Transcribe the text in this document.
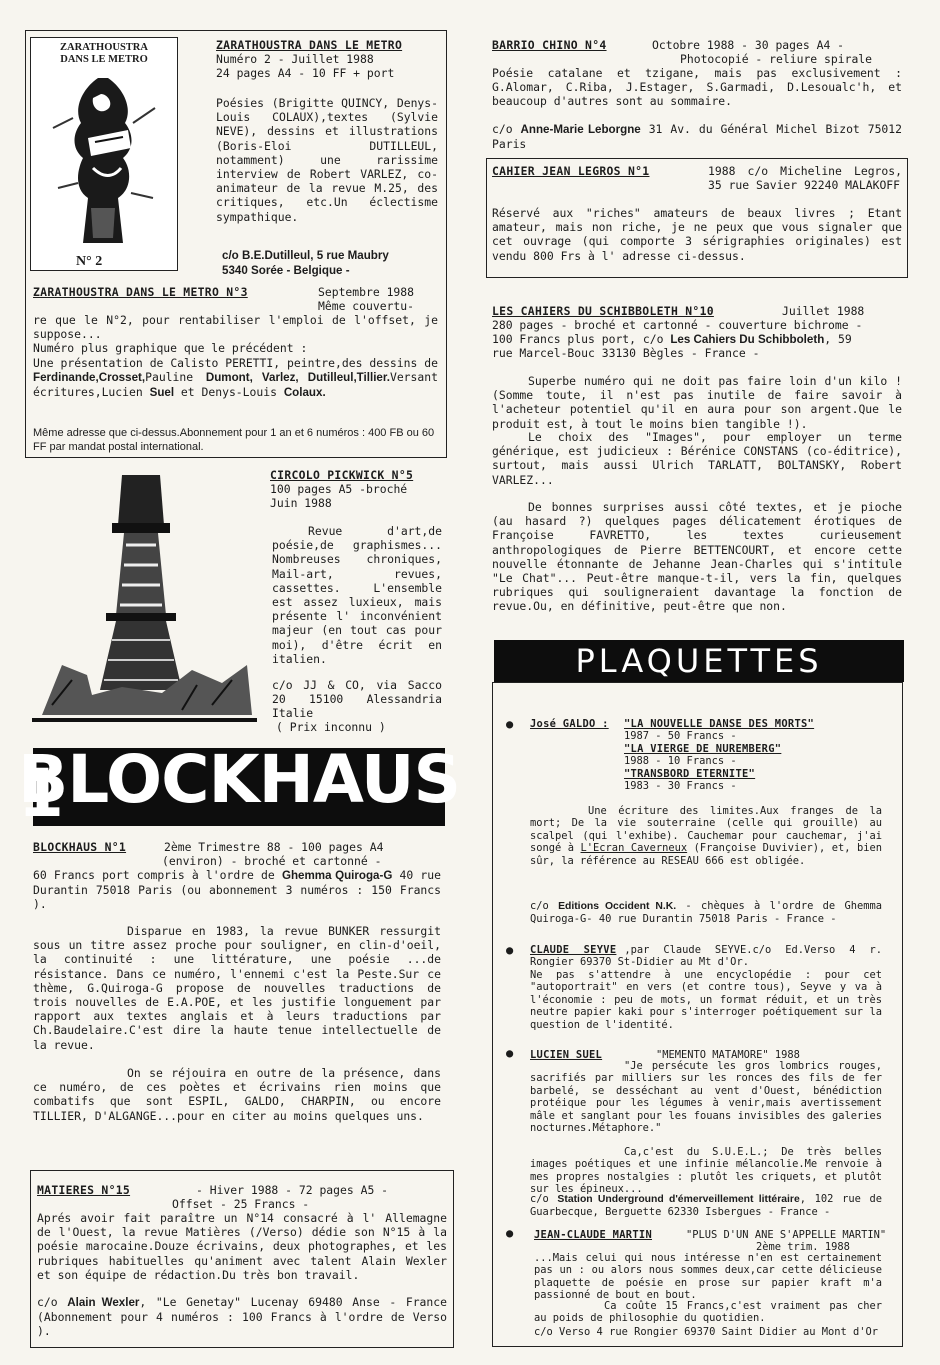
ZARATHOUSTRA
DANS LE METRO
N° 2
ZARATHOUSTRA DANS LE METRO
Numéro 2 - Juillet 1988
24 pages A4 - 10 FF + port
Poésies (Brigitte QUINCY, Denys-Louis COLAUX),textes (Sylvie NEVE), dessins et illustrations (Boris-Eloi DUTILLEUL, notamment) une rarissime interview de Robert VARLEZ, co-animateur de la revue M.25, des critiques, etc.Un éclectisme sympathique.
c/o B.E.Dutilleul, 5 rue Maubry
5340 Sorée - Belgique -
ZARATHOUSTRA DANS LE METRO N°3	Septembre 1988
Même couvertu-
re que le N°2, pour rentabiliser l'emploi de l'offset, je suppose...
Numéro plus graphique que le précédent :
Une présentation de Calisto PERETTI, peintre,des dessins de Ferdinande,Crosset,Pauline Dumont, Varlez, Dutilleul,Tillier.Versant écritures,Lucien Suel et Denys-Louis Colaux.
Même adresse que ci-dessus.Abonnement pour 1 an et 6 numéros : 400 FB ou 60 FF par mandat postal international.
BARRIO CHINO N°4	Octobre 1988 - 30 pages A4 -
Photocopié - reliure spirale
Poésie catalane et tzigane, mais pas exclusivement : G.Alomar, C.Riba, J.Estager, S.Garmadi, D.Lesoualc'h, et beaucoup d'autres sont au sommaire.
c/o Anne-Marie Leborgne 31 Av. du Général Michel Bizot 75012 Paris
CAHIER JEAN LEGROS N°1	1988 c/o Micheline Legros, 35 rue Savier 92240 MALAKOFF
Réservé aux "riches" amateurs de beaux livres ; Etant amateur, mais non riche, je ne peux que vous signaler que cet ouvrage (qui comporte 3 sérigraphies originales) est vendu 800 Frs à l' adresse ci-dessus.
LES CAHIERS DU SCHIBBOLETH N°10	Juillet 1988
280 pages - broché et cartonné - couverture bichrome -
100 Francs plus port, c/o Les Cahiers Du Schibboleth, 59
rue Marcel-Bouc 33130 Bègles - France -
Superbe numéro qui ne doit pas faire loin d'un kilo ! (Somme toute, il n'est pas inutile de faire savoir à l'acheteur potentiel qu'il en aura pour son argent.Que le produit est, à tout le moins bien tangible !).
Le choix des "Images", pour employer un terme générique, est judicieux : Bérénice CONSTANS (co-éditrice), surtout, mais aussi Ulrich TARLATT, BOLTANSKY, Robert VARLEZ...
De bonnes surprises aussi côté textes, et je pioche (au hasard ?) quelques pages délicatement érotiques de Françoise FAVRETTO, les textes curieusement anthropologiques de Pierre BETTENCOURT, et encore cette nouvelle étonnante de Jehanne Jean-Charles qui s'intitule "Le Chat"... Peut-être manque-t-il, vers la fin, quelques rubriques qui souligneraient davantage la fonction de revue.Ou, en définitive, peut-être que non.
CIRCOLO PICKWICK N°5
100 pages A5 -broché
Juin 1988
Revue d'art,de poésie,de graphismes... Nombreuses chroniques, Mail-art, revues, cassettes. L'ensemble est assez luxieux, mais présente l' inconvénient majeur (en tout cas pour moi), d'être écrit en italien.
c/o JJ & CO, via Sacco 20 15100 Alessandria Italie
( Prix inconnu )
BLOCKHAUS 1
BLOCKHAUS N°1	2ème Trimestre 88 - 100 pages A4
(environ) - broché et cartonné -
60 Francs port compris à l'ordre de Ghemma Quiroga-G 40 rue Durantin 75018 Paris (ou abonnement 3 numéros : 150 Francs ).
Disparue en 1983, la revue BUNKER ressurgit sous un titre assez proche pour souligner, en clin-d'oeil, la continuité : une littérature, une poésie ...de résistance. Dans ce numéro, l'ennemi c'est la Peste.Sur ce thème, G.Quiroga-G propose de nouvelles traductions de trois nouvelles de E.A.POE, et les justifie longuement par rapport aux textes anglais et à leurs traductions par Ch.Baudelaire.C'est dire la haute tenue intellectuelle de la revue.
On se réjouira en outre de la présence, dans ce numéro, de ces poètes et écrivains rien moins que combatifs que sont ESPIL, GALDO, CHARPIN, ou encore TILLIER, D'ALGANGE...pour en citer au moins quelques uns.
MATIERES N°15	- Hiver 1988 - 72 pages A5 -
Offset - 25 Francs -
Aprés avoir fait paraître un N°14 consacré à l' Allemagne de l'Ouest, la revue Matières (/Verso) dédie son N°15 à la poésie marocaine.Douze écrivains, deux photographes, et les rubriques habituelles qu'animent avec talent Alain Wexler et son équipe de rédaction.Du très bon travail.
c/o Alain Wexler, "Le Genetay" Lucenay 69480 Anse - France (Abonnement pour 4 numéros : 100 Francs à l'ordre de Verso ).
PLAQUETTES
● José GALDO : "LA NOUVELLE DANSE DES MORTS"
1987 - 50 Francs -
"LA VIERGE DE NUREMBERG"
1988 - 10 Francs -
"TRANSBORD ETERNITE"
1983 - 30 Francs -
Une écriture des limites.Aux franges de la mort; De la vie souterraine (celle qui grouille) au scalpel (qui l'exhibe). Cauchemar pour cauchemar, j'ai songé à L'Ecran Caverneux (Françoise Duvivier), et, bien sûr, la référence au RESEAU 666 est obligée.
c/o Editions Occident N.K. - chèques à l'ordre de Ghemma Quiroga-G- 40 rue Durantin 75018 Paris - France -
● CLAUDE SEYVE ,par Claude SEYVE.c/o Ed.Verso 4 r. Rongier 69370 St-Didier au Mt d'Or.
Ne pas s'attendre à une encyclopédie : pour cet "autoportrait" en vers (et contre tous), Seyve y va à l'économie : peu de mots, un format réduit, et un très neutre papier kaki pour s'interroger poétiquement sur la question de l'identité.
● LUCIEN SUEL	"MEMENTO MATAMORE" 1988
"Je persécute les gros lombrics rouges, sacrifiés par milliers sur les ronces des fils de fer barbelé, se desséchant au vent d'Ouest, bénédiction protéique pour les légumes à venir,mais avertissement mâle et sanglant pour les fouans invisibles des galeries nocturnes.Métaphore."
Ca,c'est du S.U.E.L.; De très belles images poétiques et une infinie mélancolie.Me renvoie à mes propres nostalgies : plutôt les criquets, et plutôt sur les épineux...
c/o Station Underground d'émerveillement littéraire, 102 rue de Guarbecque, Berguette 62330 Isbergues - France -
● JEAN-CLAUDE MARTIN	"PLUS D'UN ANE S'APPELLE MARTIN"
2ème trim. 1988
...Mais celui qui nous intéresse n'en est certainement pas un : ou alors nous sommes deux,car cette délicieuse plaquette de poésie en prose sur papier kraft m'a passionné de bout en bout.
Ca coûte 15 Francs,c'est vraiment pas cher au poids de philosophie du quotidien.
c/o Verso 4 rue Rongier 69370 Saint Didier au Mont d'Or
